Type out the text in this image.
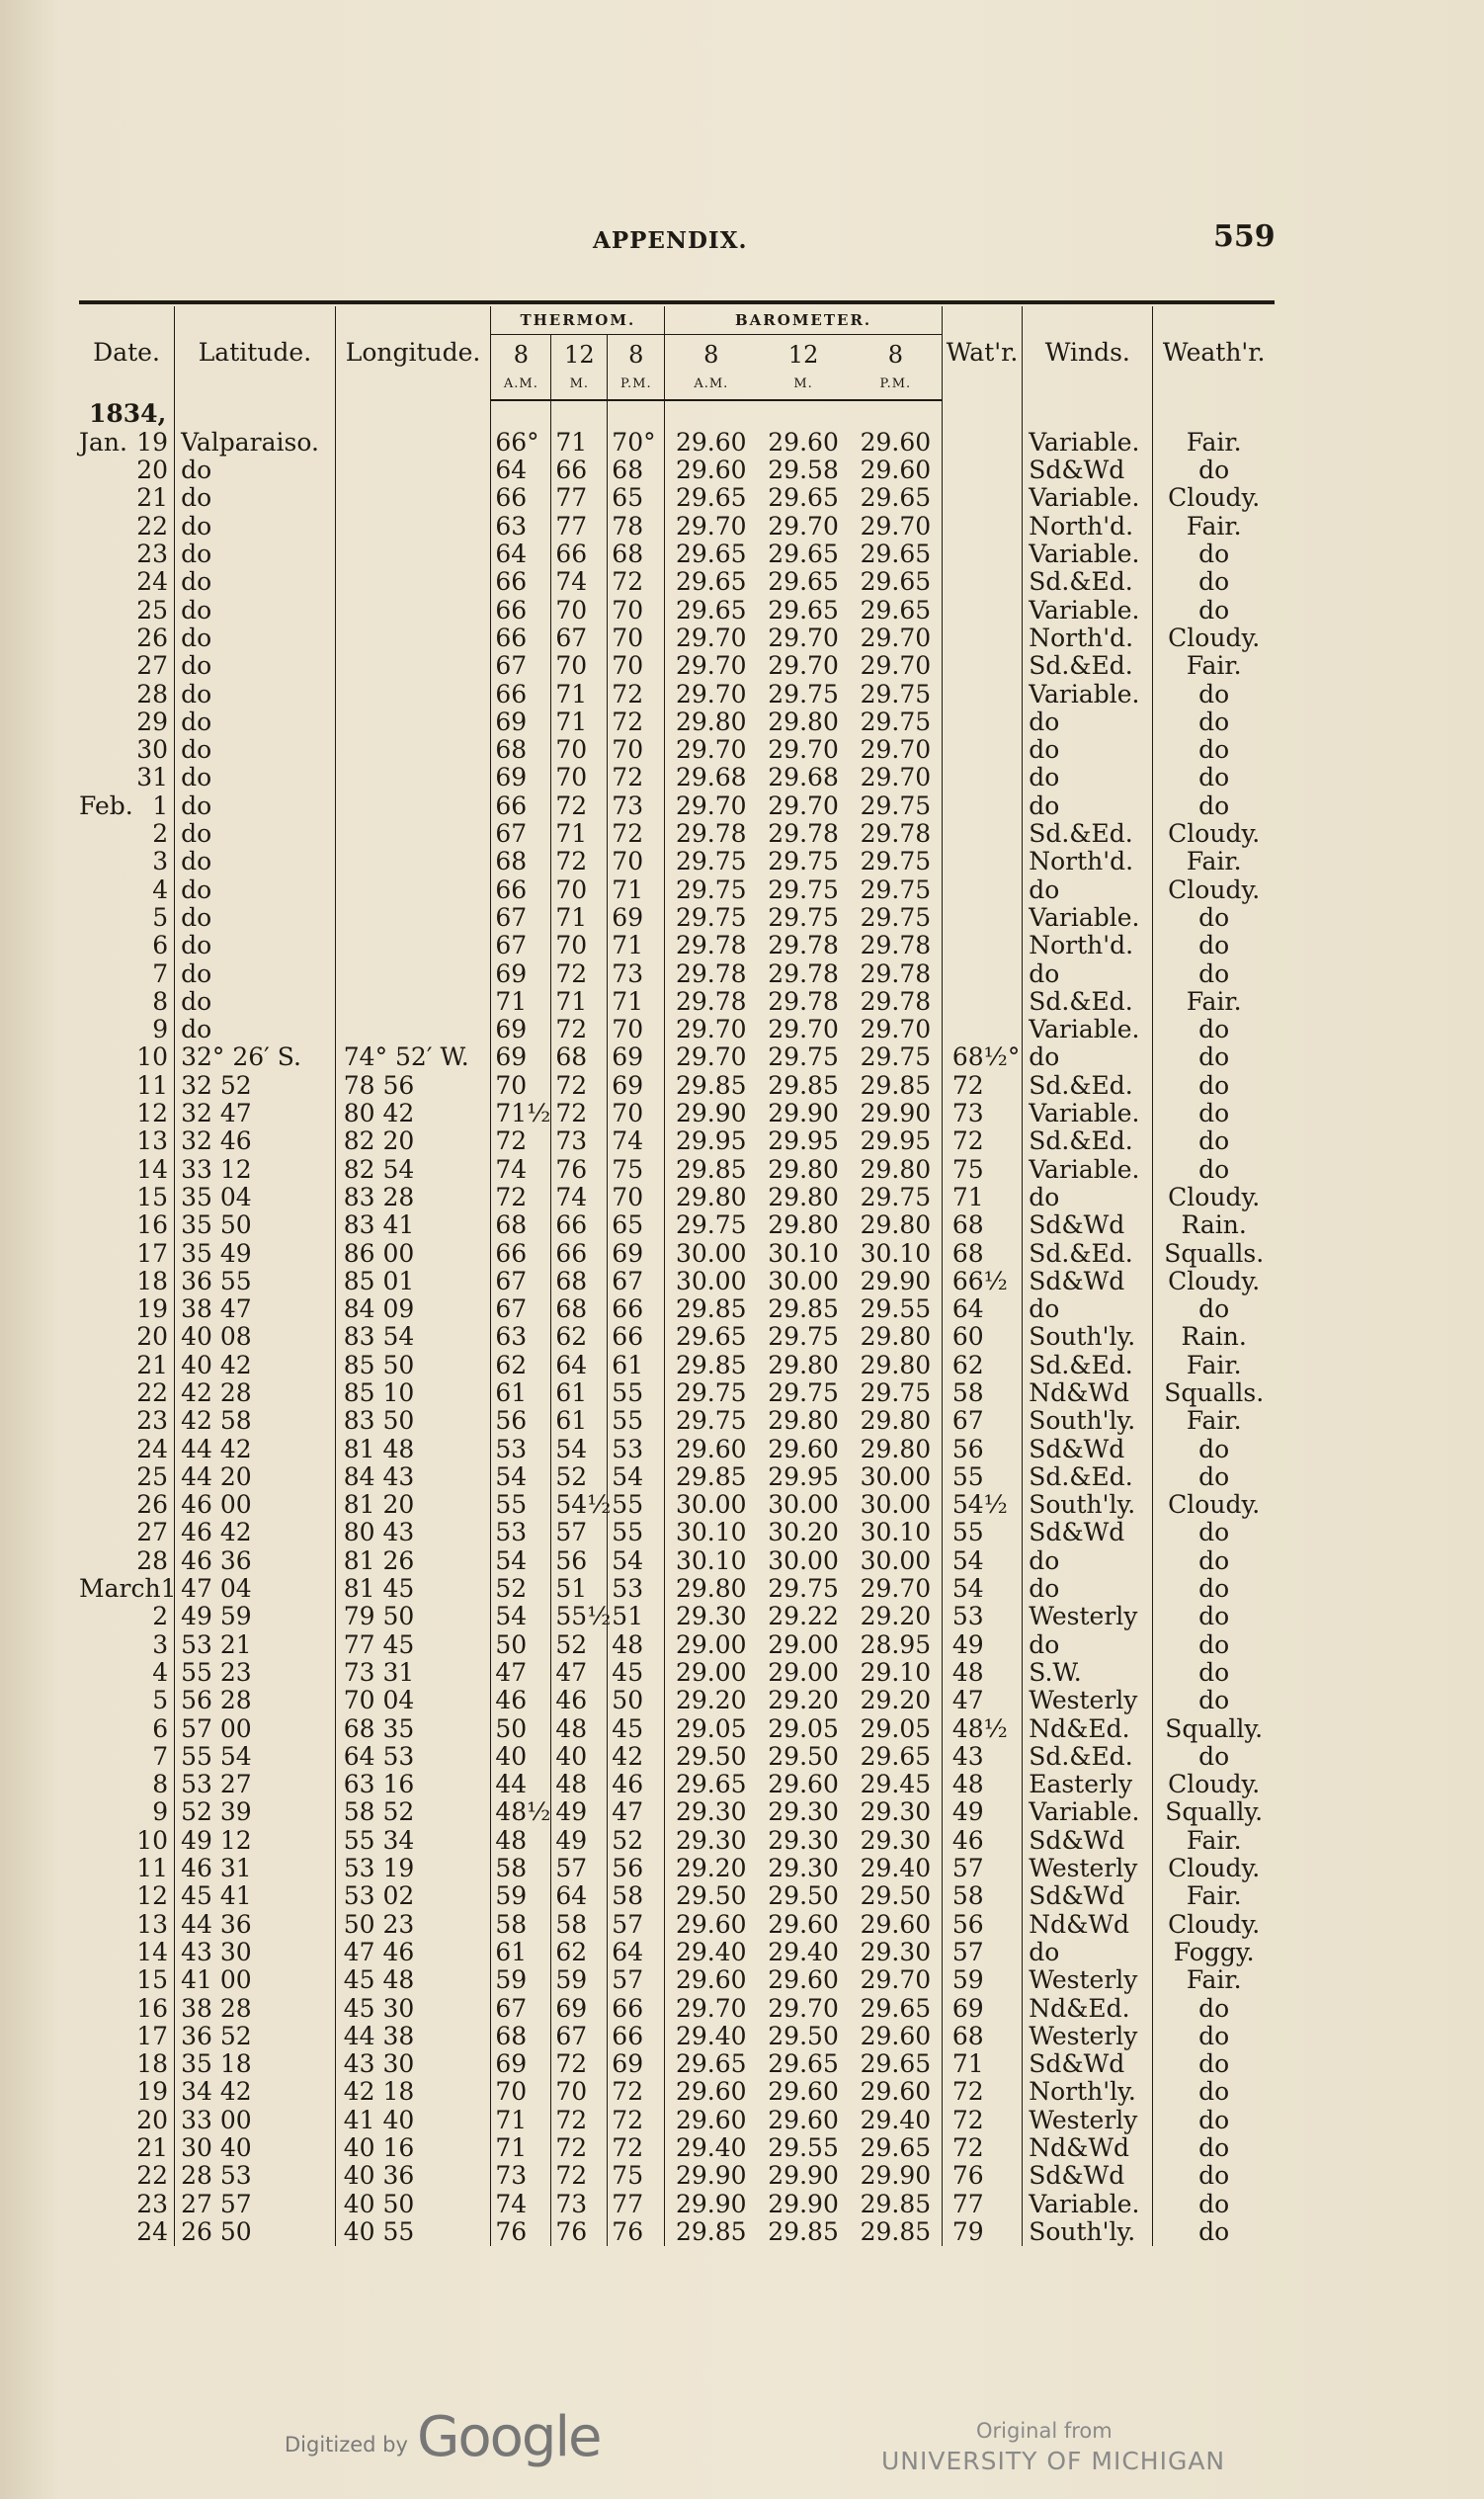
APPENDIX.	559
Date.	Latitude.	Longitude.	THERMOM.			BAROMETER.			Wat'r.	Winds.	Weath'r.
			8	12	8	8	12	8			
			A.M.	M.	P.M.	A.M.	M.	P.M.			
1834,											

Jan. 19	Valparaiso.		66°	71	70°	29.60	29.60	29.60		Variable.	Fair.
20	do		64	66	68	29.60	29.58	29.60		Sd&Wd	do
21	do		66	77	65	29.65	29.65	29.65		Variable.	Cloudy.
22	do		63	77	78	29.70	29.70	29.70		North'd.	Fair.
23	do		64	66	68	29.65	29.65	29.65		Variable.	do
24	do		66	74	72	29.65	29.65	29.65		Sd.&Ed.	do
25	do		66	70	70	29.65	29.65	29.65		Variable.	do
26	do		66	67	70	29.70	29.70	29.70		North'd.	Cloudy.
27	do		67	70	70	29.70	29.70	29.70		Sd.&Ed.	Fair.
28	do		66	71	72	29.70	29.75	29.75		Variable.	do
29	do		69	71	72	29.80	29.80	29.75		do	do
30	do		68	70	70	29.70	29.70	29.70		do	do
31	do		69	70	72	29.68	29.68	29.70		do	do

Feb. 1	do		66	72	73	29.70	29.70	29.75		do	do
2	do		67	71	72	29.78	29.78	29.78		Sd.&Ed.	Cloudy.
3	do		68	72	70	29.75	29.75	29.75		North'd.	Fair.
4	do		66	70	71	29.75	29.75	29.75		do	Cloudy.
5	do		67	71	69	29.75	29.75	29.75		Variable.	do
6	do		67	70	71	29.78	29.78	29.78		North'd.	do
7	do		69	72	73	29.78	29.78	29.78		do	do
8	do		71	71	71	29.78	29.78	29.78		Sd.&Ed.	Fair.
9	do		69	72	70	29.70	29.70	29.70		Variable.	do
10	32° 26′ S.	74° 52′ W.	69	68	69	29.70	29.75	29.75	68½°	do	do
11	32 52	78 56	70	72	69	29.85	29.85	29.85	72	Sd.&Ed.	do
12	32 47	80 42	71½	72	70	29.90	29.90	29.90	73	Variable.	do
13	32 46	82 20	72	73	74	29.95	29.95	29.95	72	Sd.&Ed.	do
14	33 12	82 54	74	76	75	29.85	29.80	29.80	75	Variable.	do
15	35 04	83 28	72	74	70	29.80	29.80	29.75	71	do	Cloudy.
16	35 50	83 41	68	66	65	29.75	29.80	29.80	68	Sd&Wd	Rain.
17	35 49	86 00	66	66	69	30.00	30.10	30.10	68	Sd.&Ed.	Squalls.
18	36 55	85 01	67	68	67	30.00	30.00	29.90	66½	Sd&Wd	Cloudy.
19	38 47	84 09	67	68	66	29.85	29.85	29.55	64	do	do
20	40 08	83 54	63	62	66	29.65	29.75	29.80	60	South'ly.	Rain.
21	40 42	85 50	62	64	61	29.85	29.80	29.80	62	Sd.&Ed.	Fair.
22	42 28	85 10	61	61	55	29.75	29.75	29.75	58	Nd&Wd	Squalls.
23	42 58	83 50	56	61	55	29.75	29.80	29.80	67	South'ly.	Fair.
24	44 42	81 48	53	54	53	29.60	29.60	29.80	56	Sd&Wd	do
25	44 20	84 43	54	52	54	29.85	29.95	30.00	55	Sd.&Ed.	do
26	46 00	81 20	55	54½	55	30.00	30.00	30.00	54½	South'ly.	Cloudy.
27	46 42	80 43	53	57	55	30.10	30.20	30.10	55	Sd&Wd	do
28	46 36	81 26	54	56	54	30.10	30.00	30.00	54	do	do

March 1	47 04	81 45	52	51	53	29.80	29.75	29.70	54	do	do
2	49 59	79 50	54	55½	51	29.30	29.22	29.20	53	Westerly	do
3	53 21	77 45	50	52	48	29.00	29.00	28.95	49	do	do
4	55 23	73 31	47	47	45	29.00	29.00	29.10	48	S.W.	do
5	56 28	70 04	46	46	50	29.20	29.20	29.20	47	Westerly	do
6	57 00	68 35	50	48	45	29.05	29.05	29.05	48½	Nd&Ed.	Squally.
7	55 54	64 53	40	40	42	29.50	29.50	29.65	43	Sd.&Ed.	do
8	53 27	63 16	44	48	46	29.65	29.60	29.45	48	Easterly	Cloudy.
9	52 39	58 52	48½	49	47	29.30	29.30	29.30	49	Variable.	Squally.
10	49 12	55 34	48	49	52	29.30	29.30	29.30	46	Sd&Wd	Fair.
11	46 31	53 19	58	57	56	29.20	29.30	29.40	57	Westerly	Cloudy.
12	45 41	53 02	59	64	58	29.50	29.50	29.50	58	Sd&Wd	Fair.
13	44 36	50 23	58	58	57	29.60	29.60	29.60	56	Nd&Wd	Cloudy.
14	43 30	47 46	61	62	64	29.40	29.40	29.30	57	do	Foggy.
15	41 00	45 48	59	59	57	29.60	29.60	29.70	59	Westerly	Fair.
16	38 28	45 30	67	69	66	29.70	29.70	29.65	69	Nd&Ed.	do
17	36 52	44 38	68	67	66	29.40	29.50	29.60	68	Westerly	do
18	35 18	43 30	69	72	69	29.65	29.65	29.65	71	Sd&Wd	do
19	34 42	42 18	70	70	72	29.60	29.60	29.60	72	North'ly.	do
20	33 00	41 40	71	72	72	29.60	29.60	29.40	72	Westerly	do
21	30 40	40 16	71	72	72	29.40	29.55	29.65	72	Nd&Wd	do
22	28 53	40 36	73	72	75	29.90	29.90	29.90	76	Sd&Wd	do
23	27 57	40 50	74	73	77	29.90	29.90	29.85	77	Variable.	do
24	26 50	40 55	76	76	76	29.85	29.85	29.85	79	South'ly.	do
Digitized by Google	Original from
UNIVERSITY OF MICHIGAN
